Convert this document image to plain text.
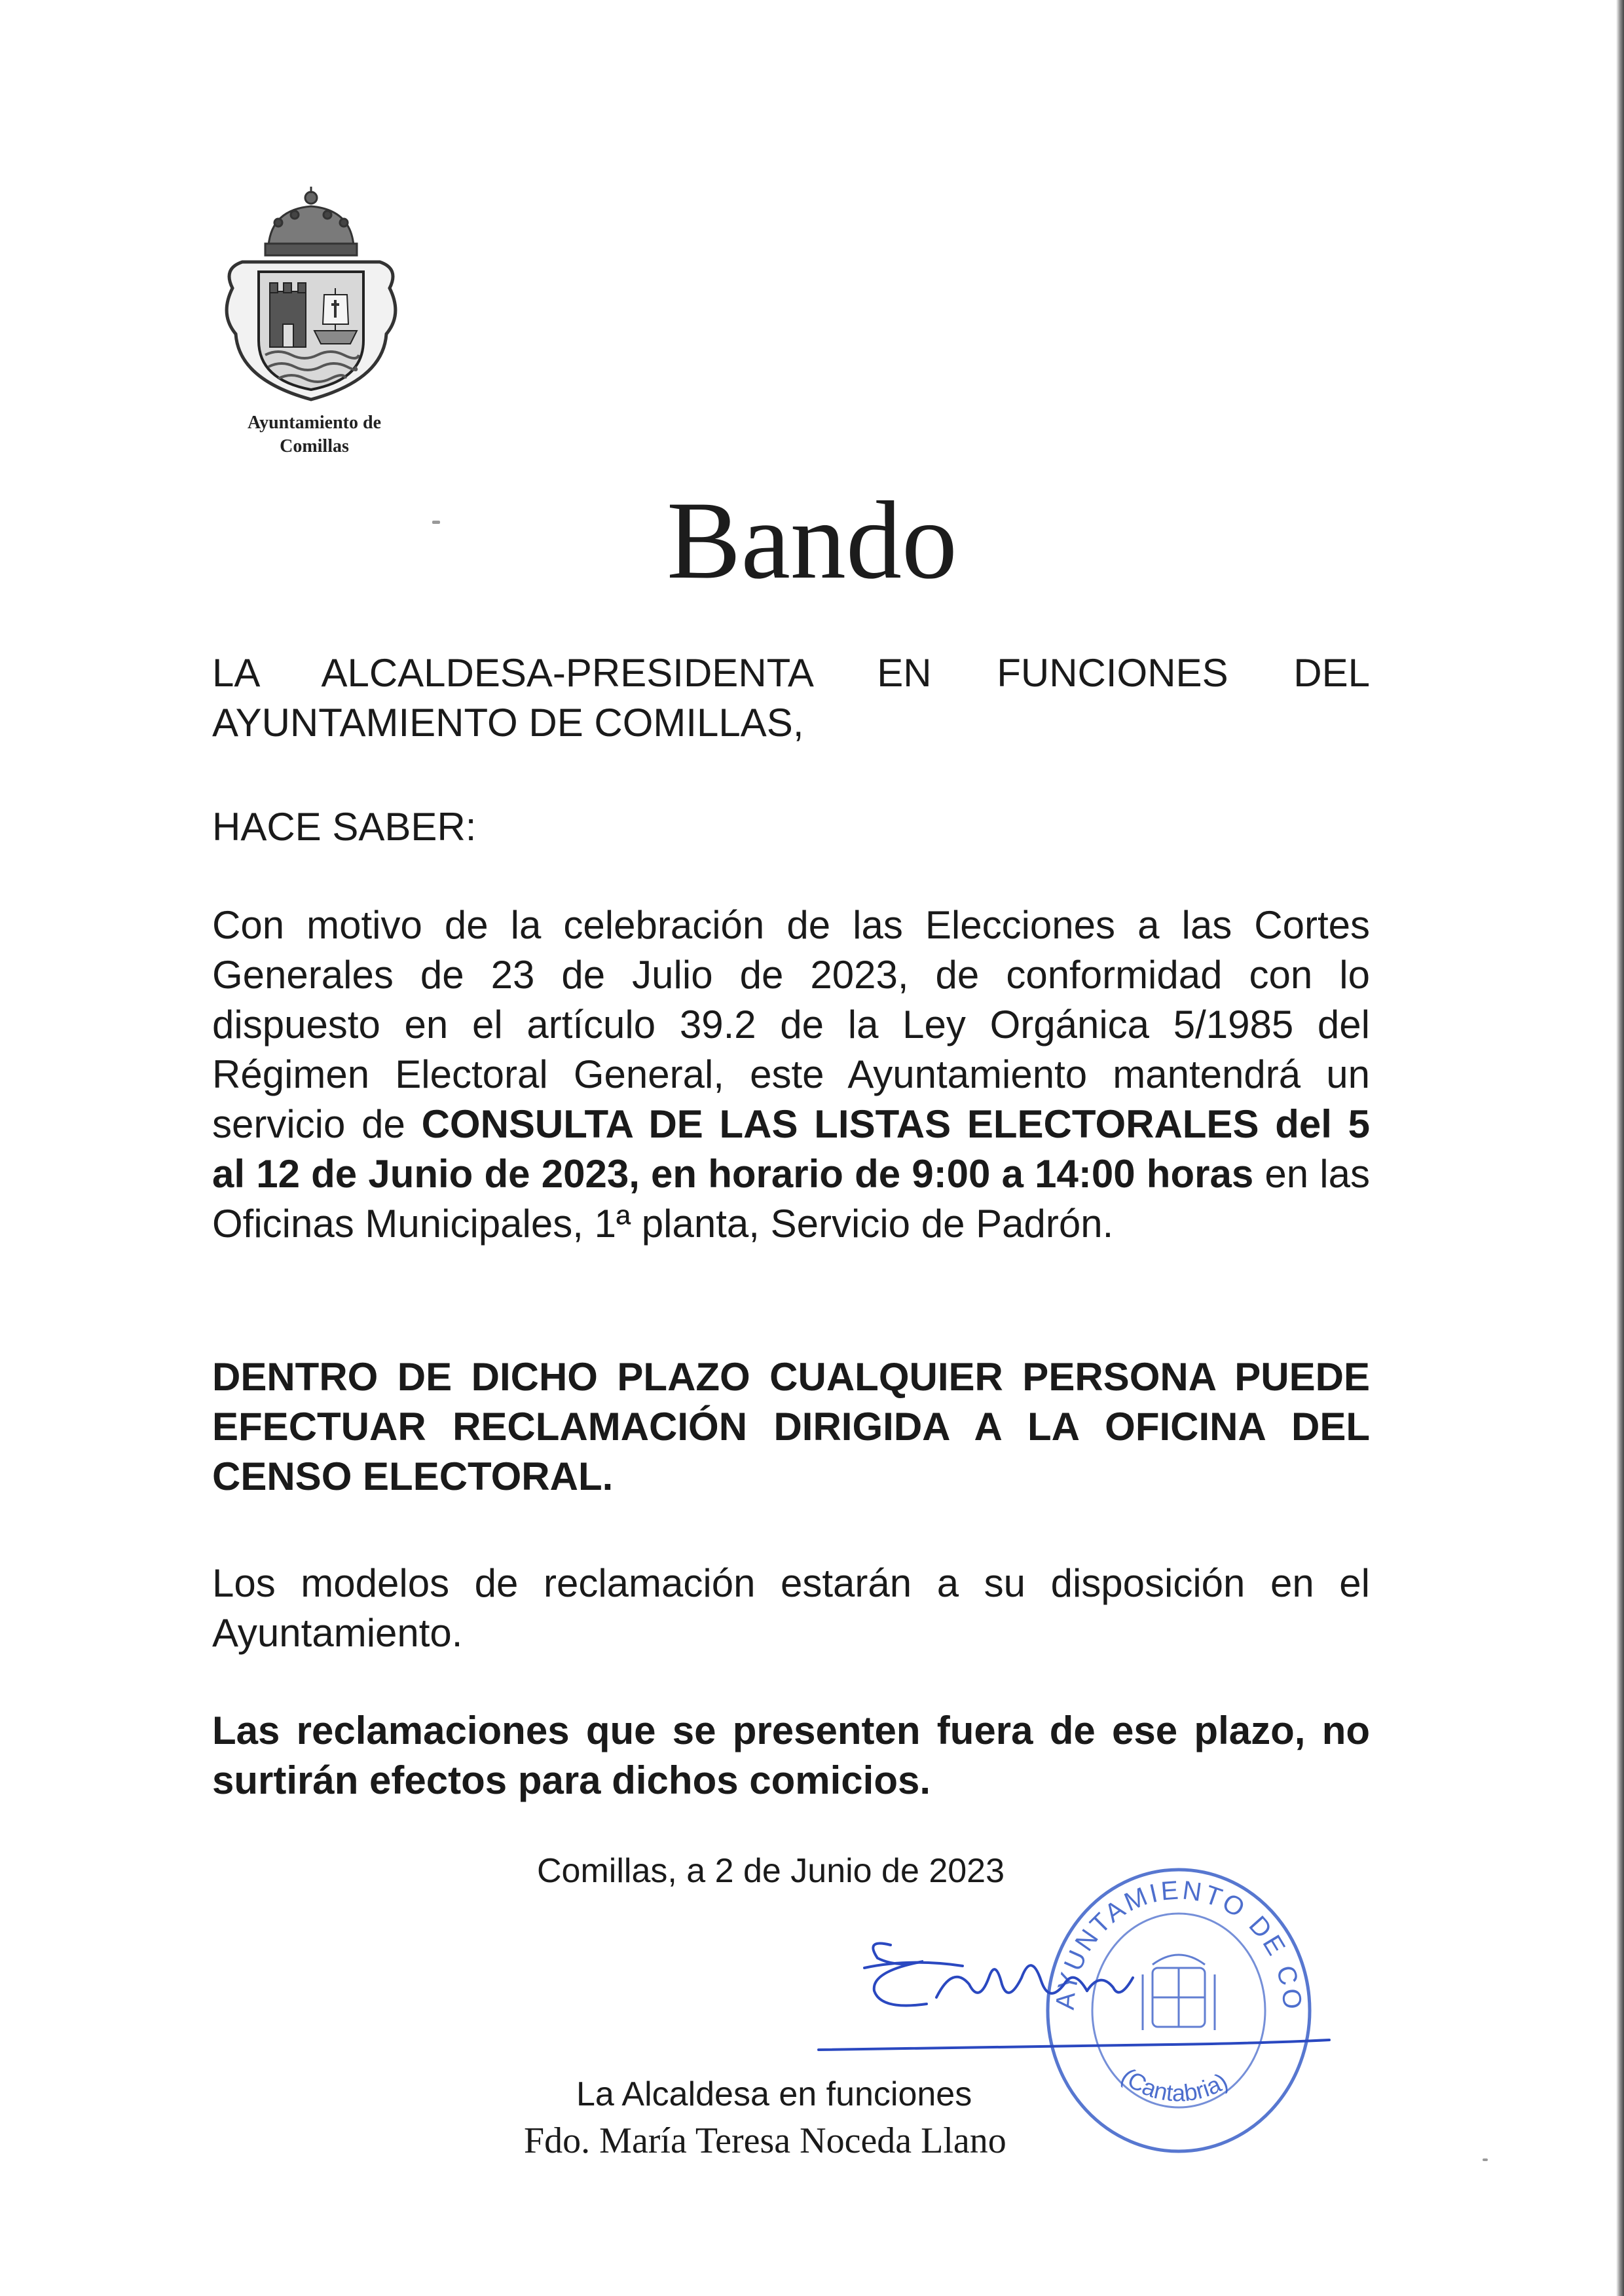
Ayuntamiento de
Comillas
Bando
LA ALCALDESA-PRESIDENTA EN FUNCIONES DEL
AYUNTAMIENTO DE COMILLAS,
HACE SABER:
Con motivo de la celebración de las Elecciones a las Cortes Generales de 23 de Julio de 2023, de conformidad con lo dispuesto en el artículo 39.2 de la Ley Orgánica 5/1985 del Régimen Electoral General, este Ayuntamiento mantendrá un servicio de CONSULTA DE LAS LISTAS ELECTORALES del 5 al 12 de Junio de 2023, en horario de 9:00 a 14:00 horas en las Oficinas Municipales, 1ª planta, Servicio de Padrón.
DENTRO DE DICHO PLAZO CUALQUIER PERSONA PUEDE EFECTUAR RECLAMACIÓN DIRIGIDA A LA OFICINA DEL CENSO ELECTORAL.
Los modelos de reclamación estarán a su disposición en el Ayuntamiento.
Las reclamaciones que se presenten fuera de ese plazo, no surtirán efectos para dichos comicios.
Comillas, a 2 de Junio de 2023
AYUNTAMIENTO DE CO
(Cantabria)
La Alcaldesa en funciones
Fdo. María Teresa Noceda Llano
